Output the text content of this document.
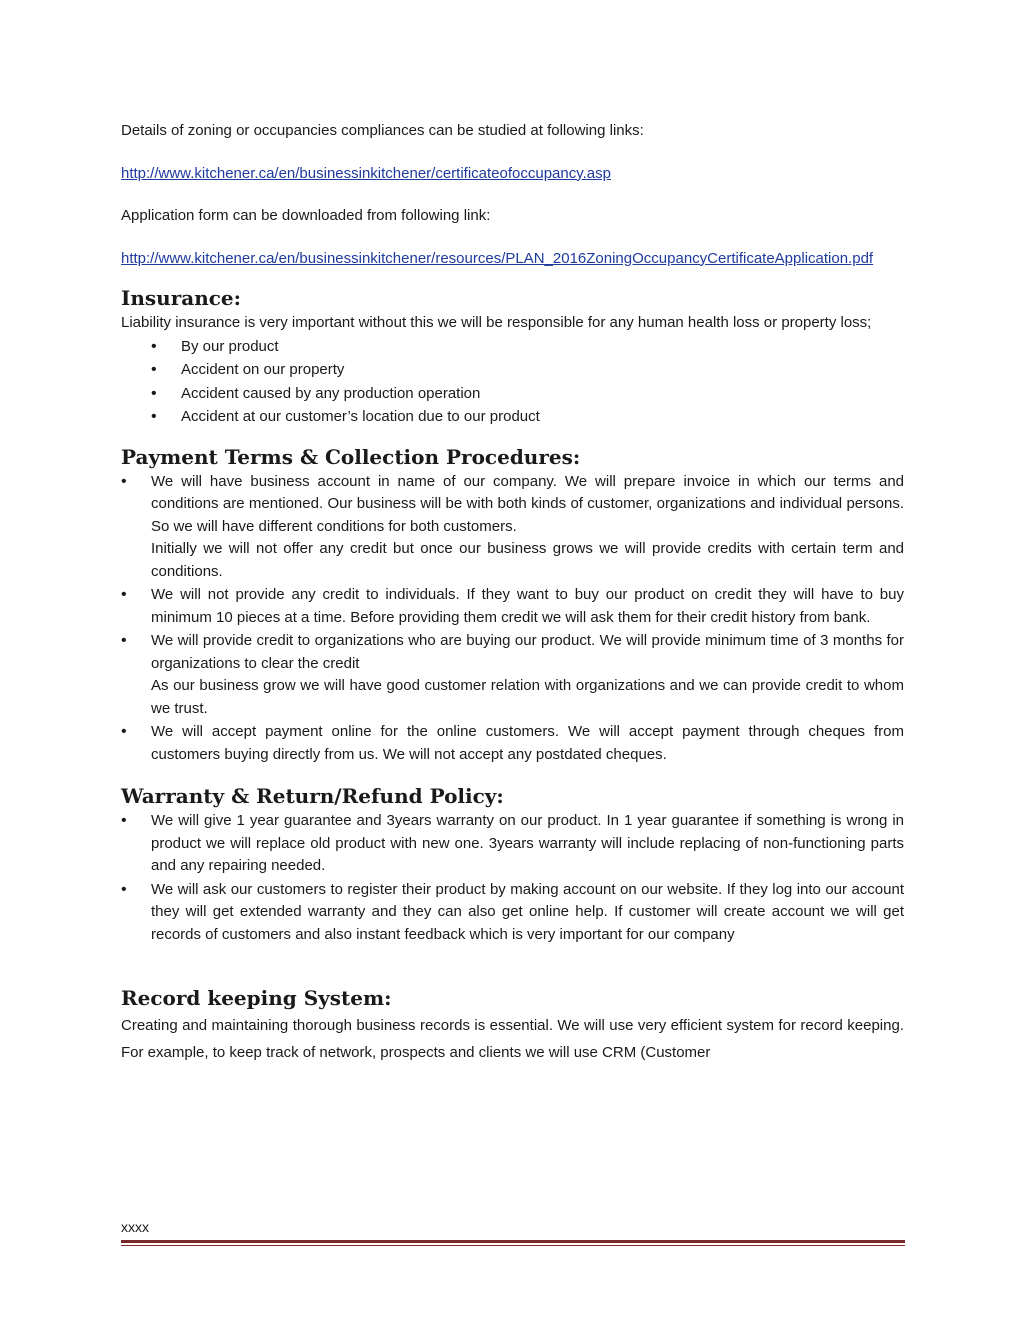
Details of zoning or occupancies compliances can be studied at following links:

http://www.kitchener.ca/en/businessinkitchener/certificateofoccupancy.asp

Application form can be downloaded from following link:

http://www.kitchener.ca/en/businessinkitchener/resources/PLAN_2016ZoningOccupancyCertificateApplication.pdf
Insurance:

Liability insurance is very important without this we will be responsible for any human health loss or property loss;

• By our product
• Accident on our property
• Accident caused by any production operation
• Accident at our customer’s location due to our product
Payment Terms & Collection Procedures:
• We will have business account in name of our company. We will prepare invoice in which our terms and conditions are mentioned. Our business will be with both kinds of customer, organizations and individual persons. So we will have different conditions for both customers.
Initially we will not offer any credit but once our business grows we will provide credits with certain term and conditions.
• We will not provide any credit to individuals. If they want to buy our product on credit they will have to buy minimum 10 pieces at a time. Before providing them credit we will ask them for their credit history from bank.
• We will provide credit to organizations who are buying our product. We will provide minimum time of 3 months for organizations to clear the credit
As our business grow we will have good customer relation with organizations and we can provide credit to whom we trust.
• We will accept payment online for the online customers. We will accept payment through cheques from customers buying directly from us. We will not accept any postdated cheques.
Warranty & Return/Refund Policy:
• We will give 1 year guarantee and 3years warranty on our product. In 1 year guarantee if something is wrong in product we will replace old product with new one. 3years warranty will include replacing of non-functioning parts and any repairing needed.
• We will ask our customers to register their product by making account on our website. If they log into our account they will get extended warranty and they can also get online help. If customer will create account we will get records of customers and also instant feedback which is very important for our company
Record keeping System:

Creating and maintaining thorough business records is essential. We will use very efficient system for record keeping. For example, to keep track of network, prospects and clients we will use CRM (Customer

xxxx
